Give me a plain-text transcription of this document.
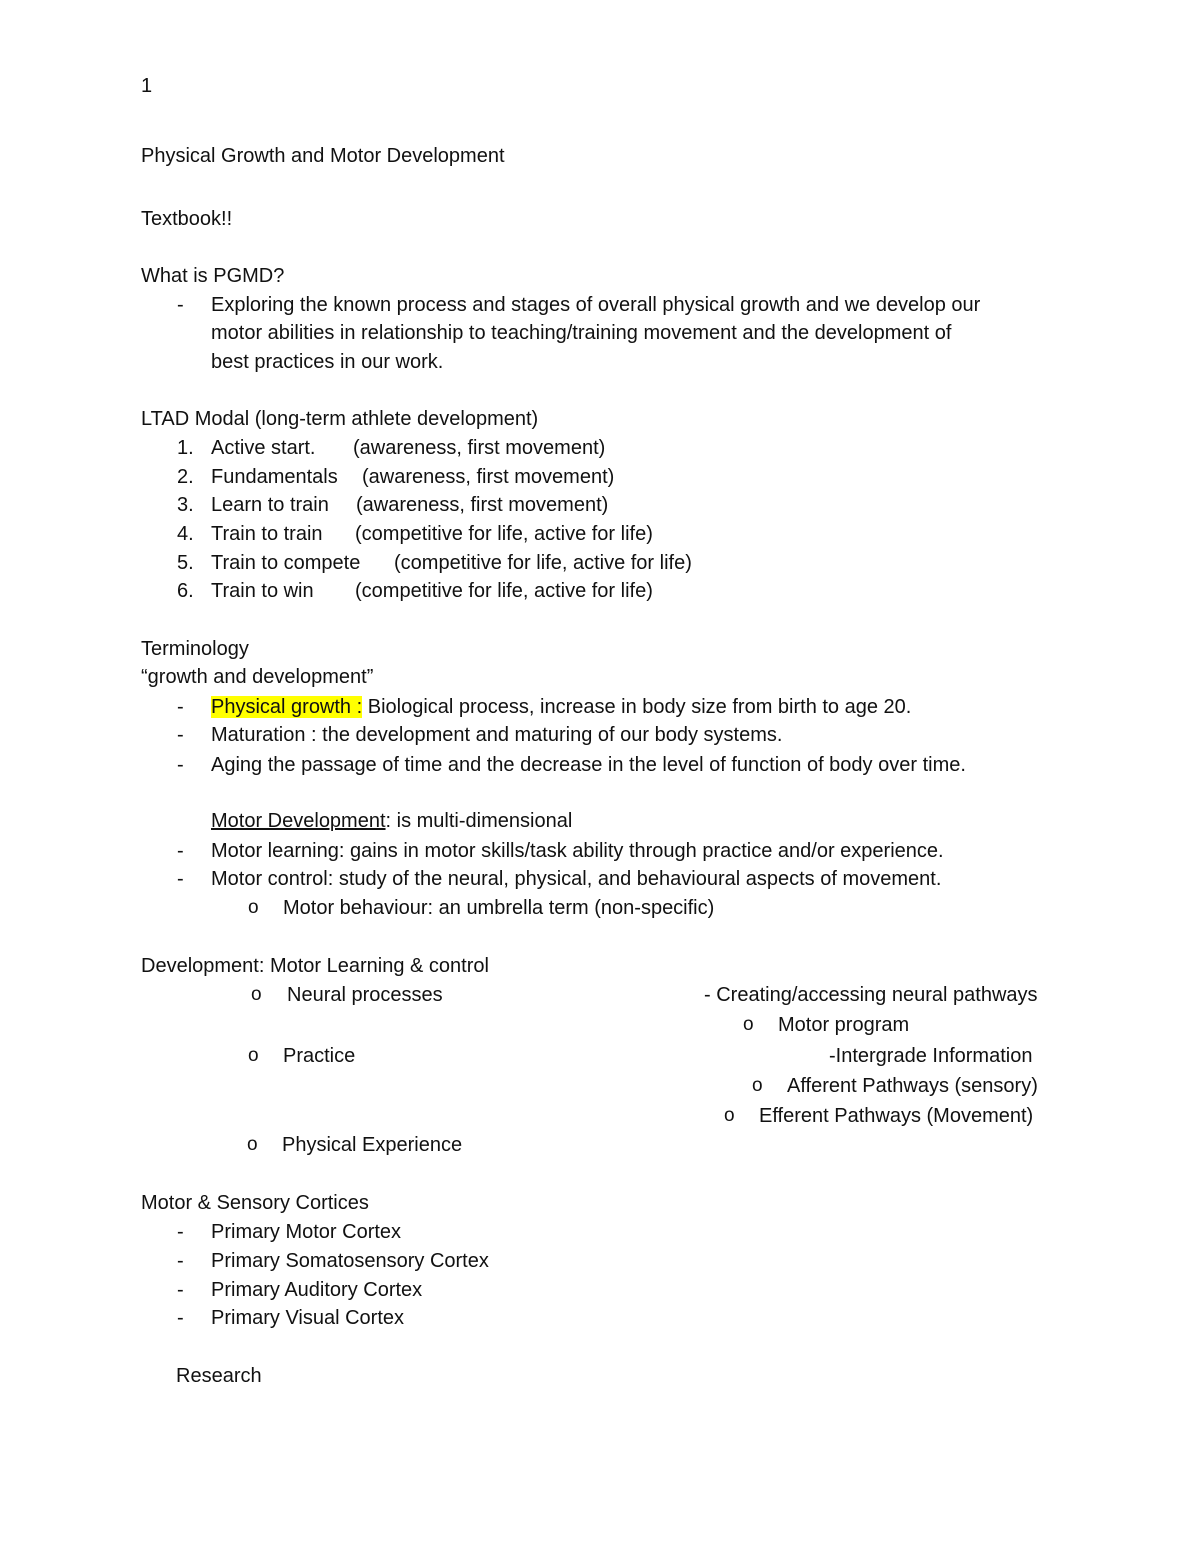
1
Physical Growth and Motor Development
Textbook!!
What is PGMD?
- Exploring the known process and stages of overall physical growth and we develop our
motor abilities in relationship to teaching/training movement and the development of
best practices in our work.
LTAD Modal (long-term athlete development)
1. Active start. (awareness, first movement)
2. Fundamentals (awareness, first movement)
3. Learn to train (awareness, first movement)
4. Train to train (competitive for life, active for life)
5. Train to compete (competitive for life, active for life)
6. Train to win (competitive for life, active for life)
Terminology
“growth and development”
- Physical growth : Biological process, increase in body size from birth to age 20.
- Maturation : the development and maturing of our body systems.
- Aging the passage of time and the decrease in the level of function of body over time.
Motor Development: is multi-dimensional
- Motor learning: gains in motor skills/task ability through practice and/or experience.
- Motor control: study of the neural, physical, and behavioural aspects of movement.
o Motor behaviour: an umbrella term (non-specific)
Development: Motor Learning & control
o Neural processes	- Creating/accessing neural pathways
o Motor program
o Practice	-Intergrade Information
o Afferent Pathways (sensory)
o Efferent Pathways (Movement)
o Physical Experience
Motor & Sensory Cortices
- Primary Motor Cortex
- Primary Somatosensory Cortex
- Primary Auditory Cortex
- Primary Visual Cortex
Research
